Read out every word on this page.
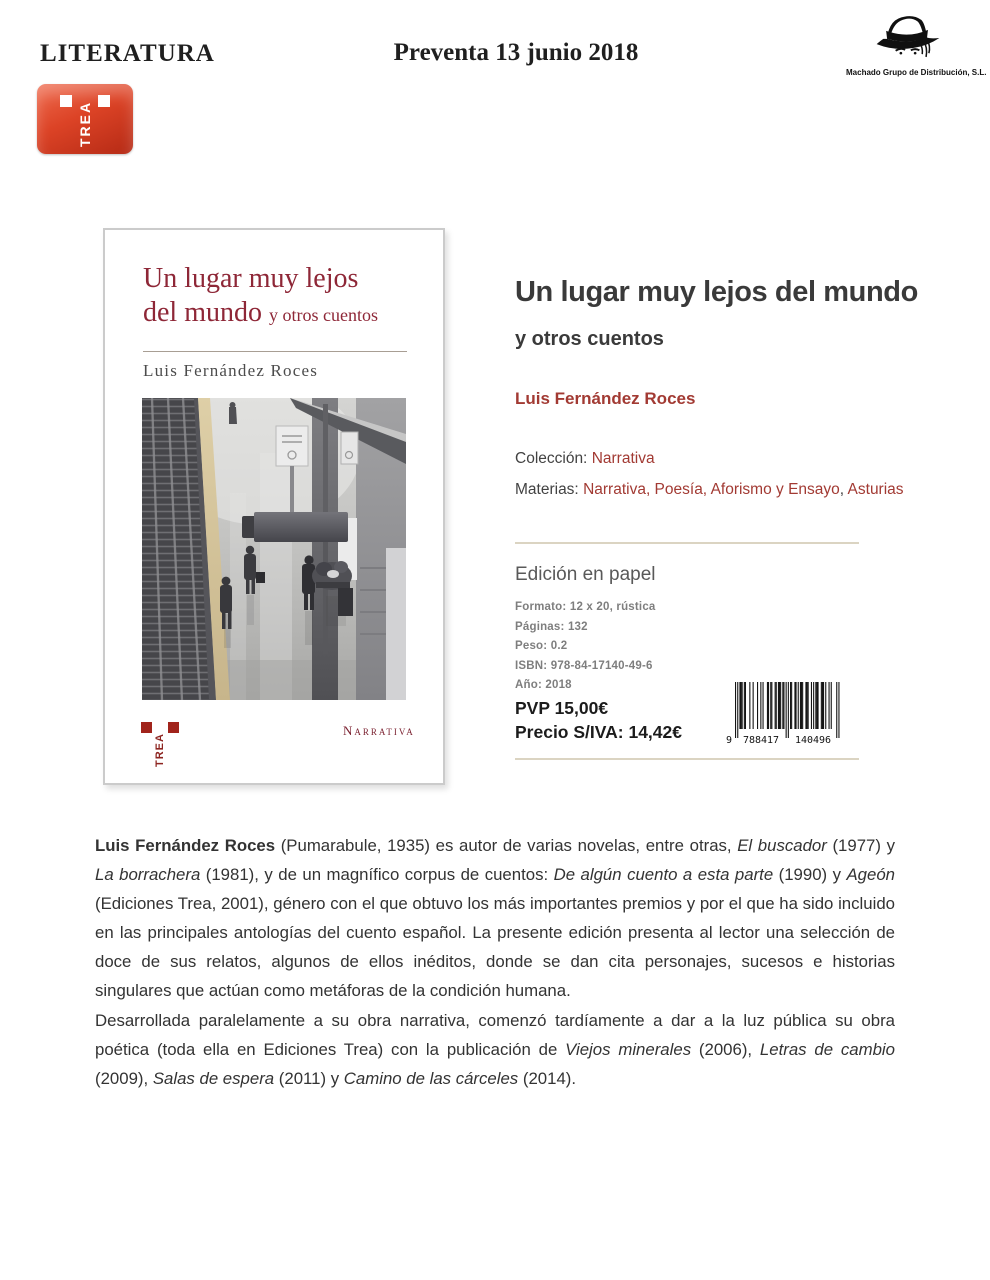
LITERATURA	Preventa 13 junio 2018
Machado Grupo de Distribución, S.L.
TREA
Un lugar muy lejos
del mundo y otros cuentos
Luis Fernández Roces
TREA
Narrativa
Un lugar muy lejos del mundo
y otros cuentos
Luis Fernández Roces
Colección: Narrativa
Materias: Narrativa, Poesía, Aforismo y Ensayo, Asturias
Edición en papel
Formato: 12 x 20, rústica
Páginas: 132
Peso: 0.2
ISBN: 978-84-17140-49-6
Año: 2018
PVP 15,00€
Precio S/IVA: 14,42€	9 788417 140496

Luis Fernández Roces (Pumarabule, 1935) es autor de varias novelas, entre otras, El buscador (1977) y La borrachera (1981), y de un magnífico corpus de cuentos: De algún cuento a esta parte (1990) y Ageón (Ediciones Trea, 2001), género con el que obtuvo los más importantes premios y por el que ha sido incluido en las principales antologías del cuento español. La presente edición presenta al lector una selección de doce de sus relatos, algunos de ellos inéditos, donde se dan cita personajes, sucesos e historias singulares que actúan como metáforas de la condición humana.

Desarrollada paralelamente a su obra narrativa, comenzó tardíamente a dar a la luz pública su obra poética (toda ella en Ediciones Trea) con la publicación de Viejos minerales (2006), Letras de cambio (2009), Salas de espera (2011) y Camino de las cárceles (2014).
